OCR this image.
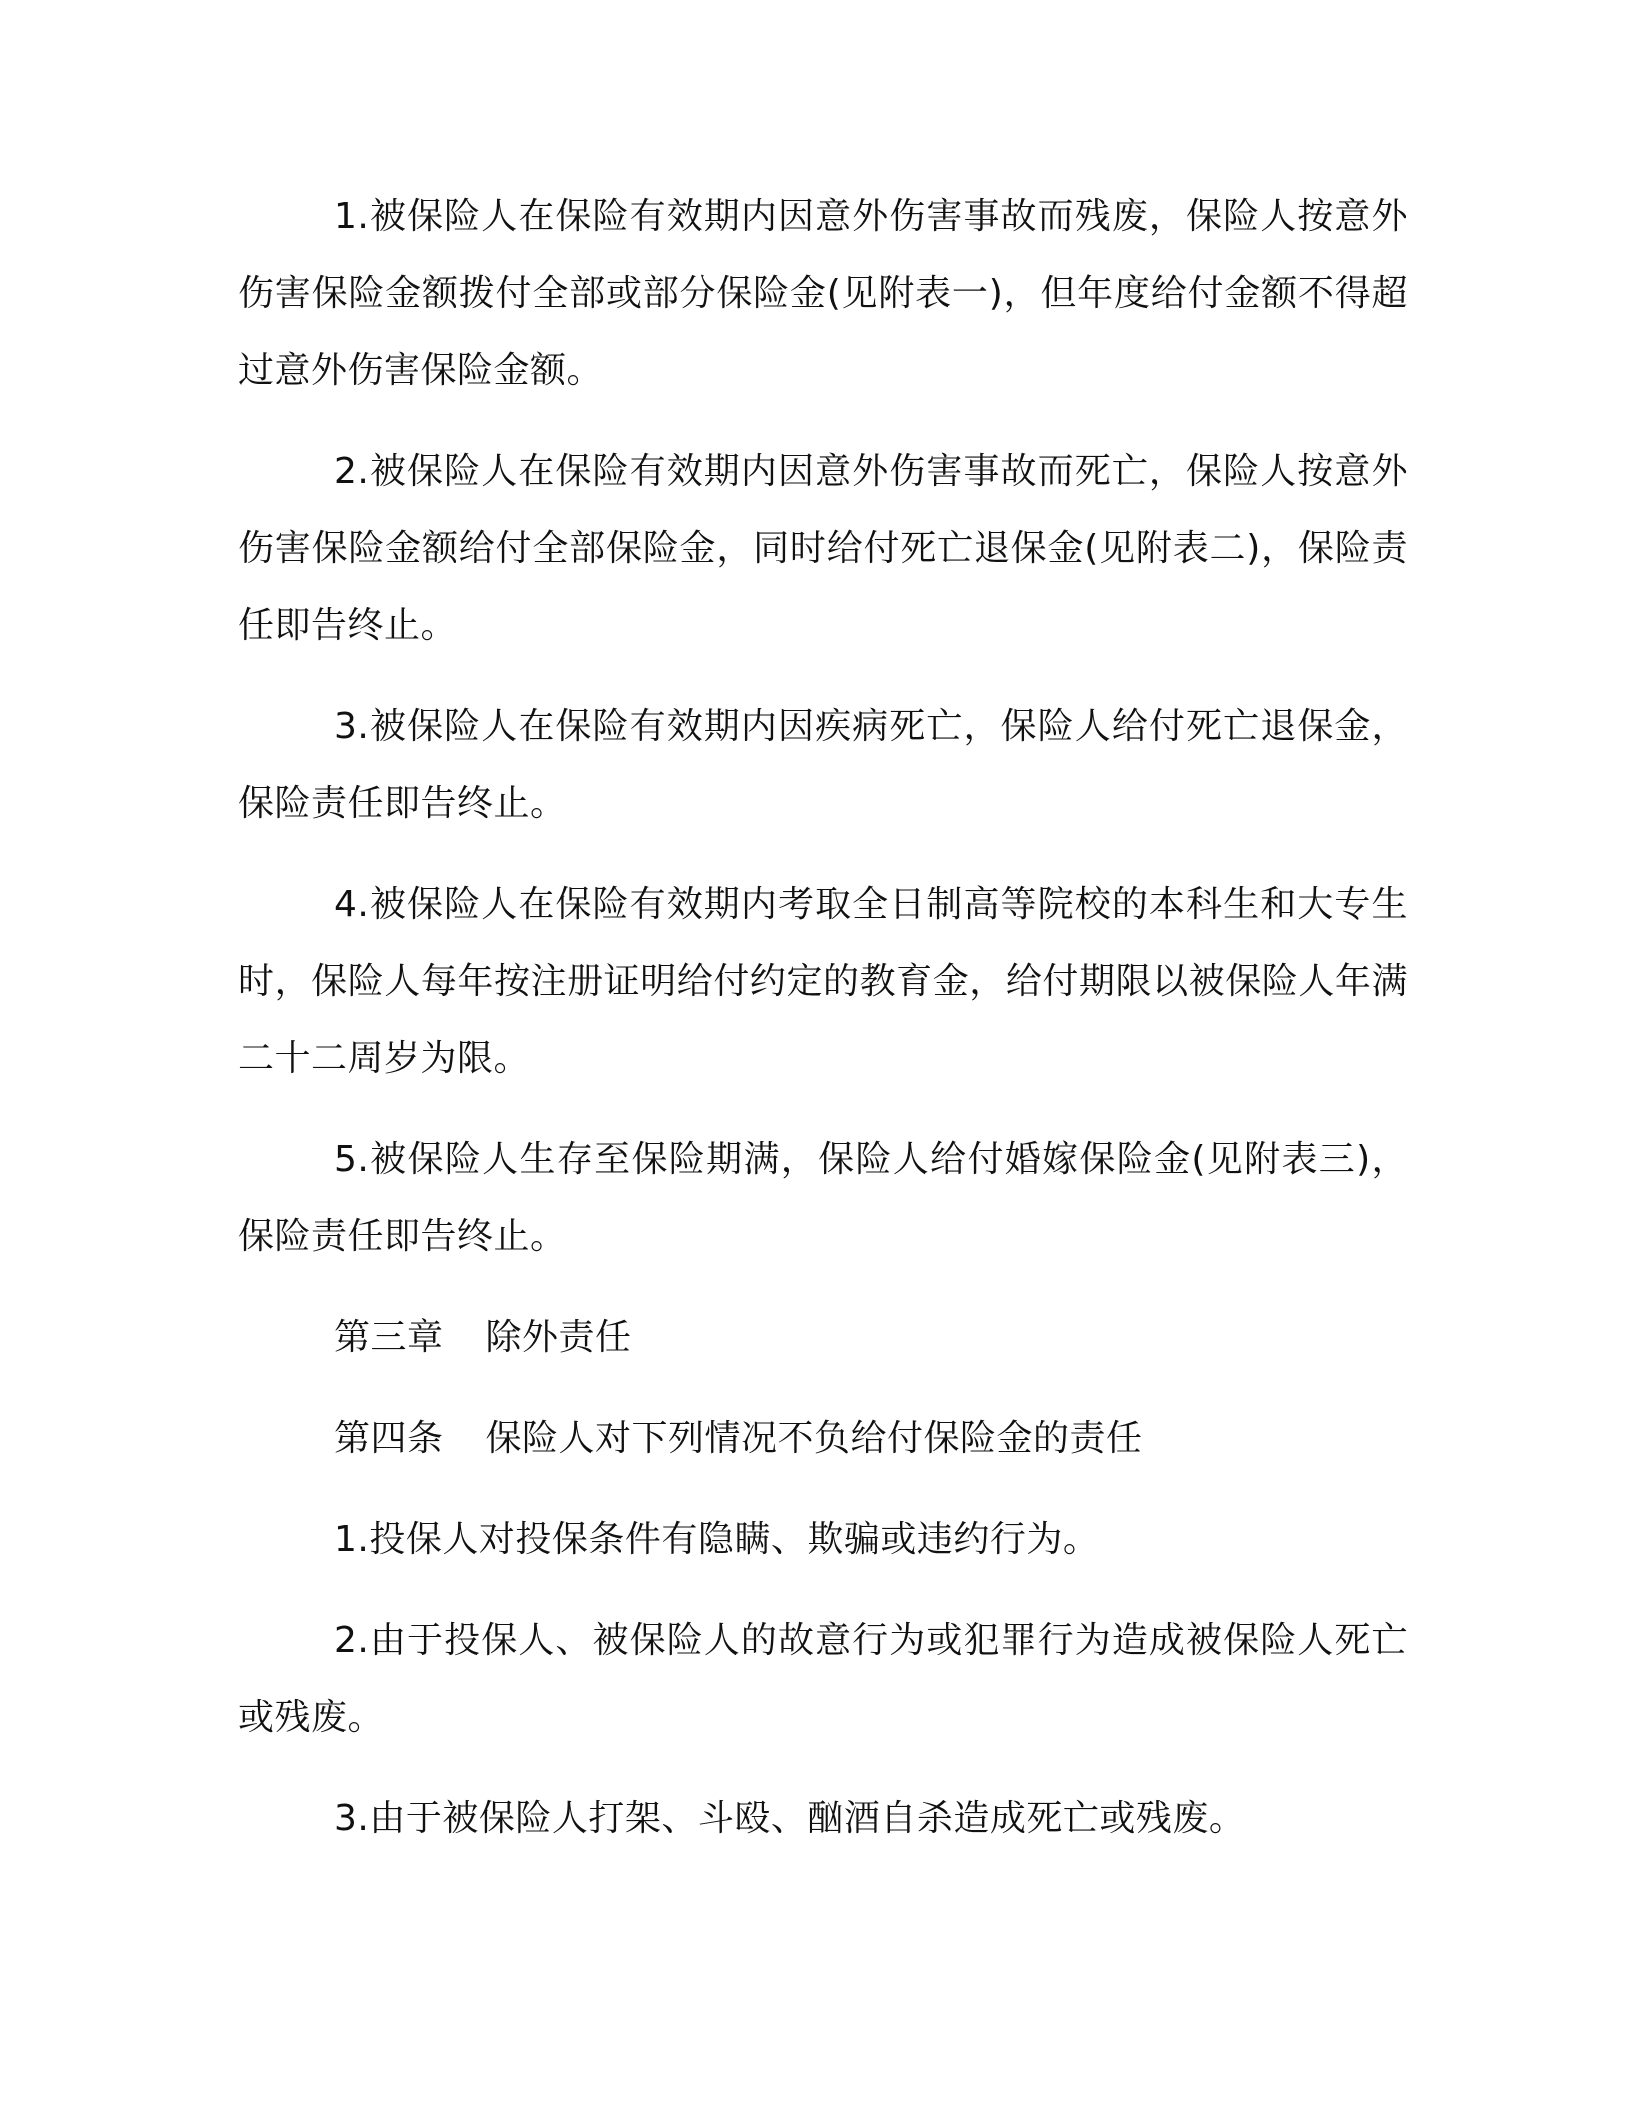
1.被保险人在保险有效期内因意外伤害事故而残废，保险人按意外伤害保险金额拨付全部或部分保险金(见附表一)，但年度给付金额不得超过意外伤害保险金额。

2.被保险人在保险有效期内因意外伤害事故而死亡，保险人按意外伤害保险金额给付全部保险金，同时给付死亡退保金(见附表二)，保险责任即告终止。

3.被保险人在保险有效期内因疾病死亡，保险人给付死亡退保金，保险责任即告终止。

4.被保险人在保险有效期内考取全日制高等院校的本科生和大专生时，保险人每年按注册证明给付约定的教育金，给付期限以被保险人年满二十二周岁为限。

5.被保险人生存至保险期满，保险人给付婚嫁保险金(见附表三)，保险责任即告终止。

第三章 除外责任

第四条 保险人对下列情况不负给付保险金的责任

1.投保人对投保条件有隐瞒、欺骗或违约行为。

2.由于投保人、被保险人的故意行为或犯罪行为造成被保险人死亡或残废。

3.由于被保险人打架、斗殴、酗酒自杀造成死亡或残废。
